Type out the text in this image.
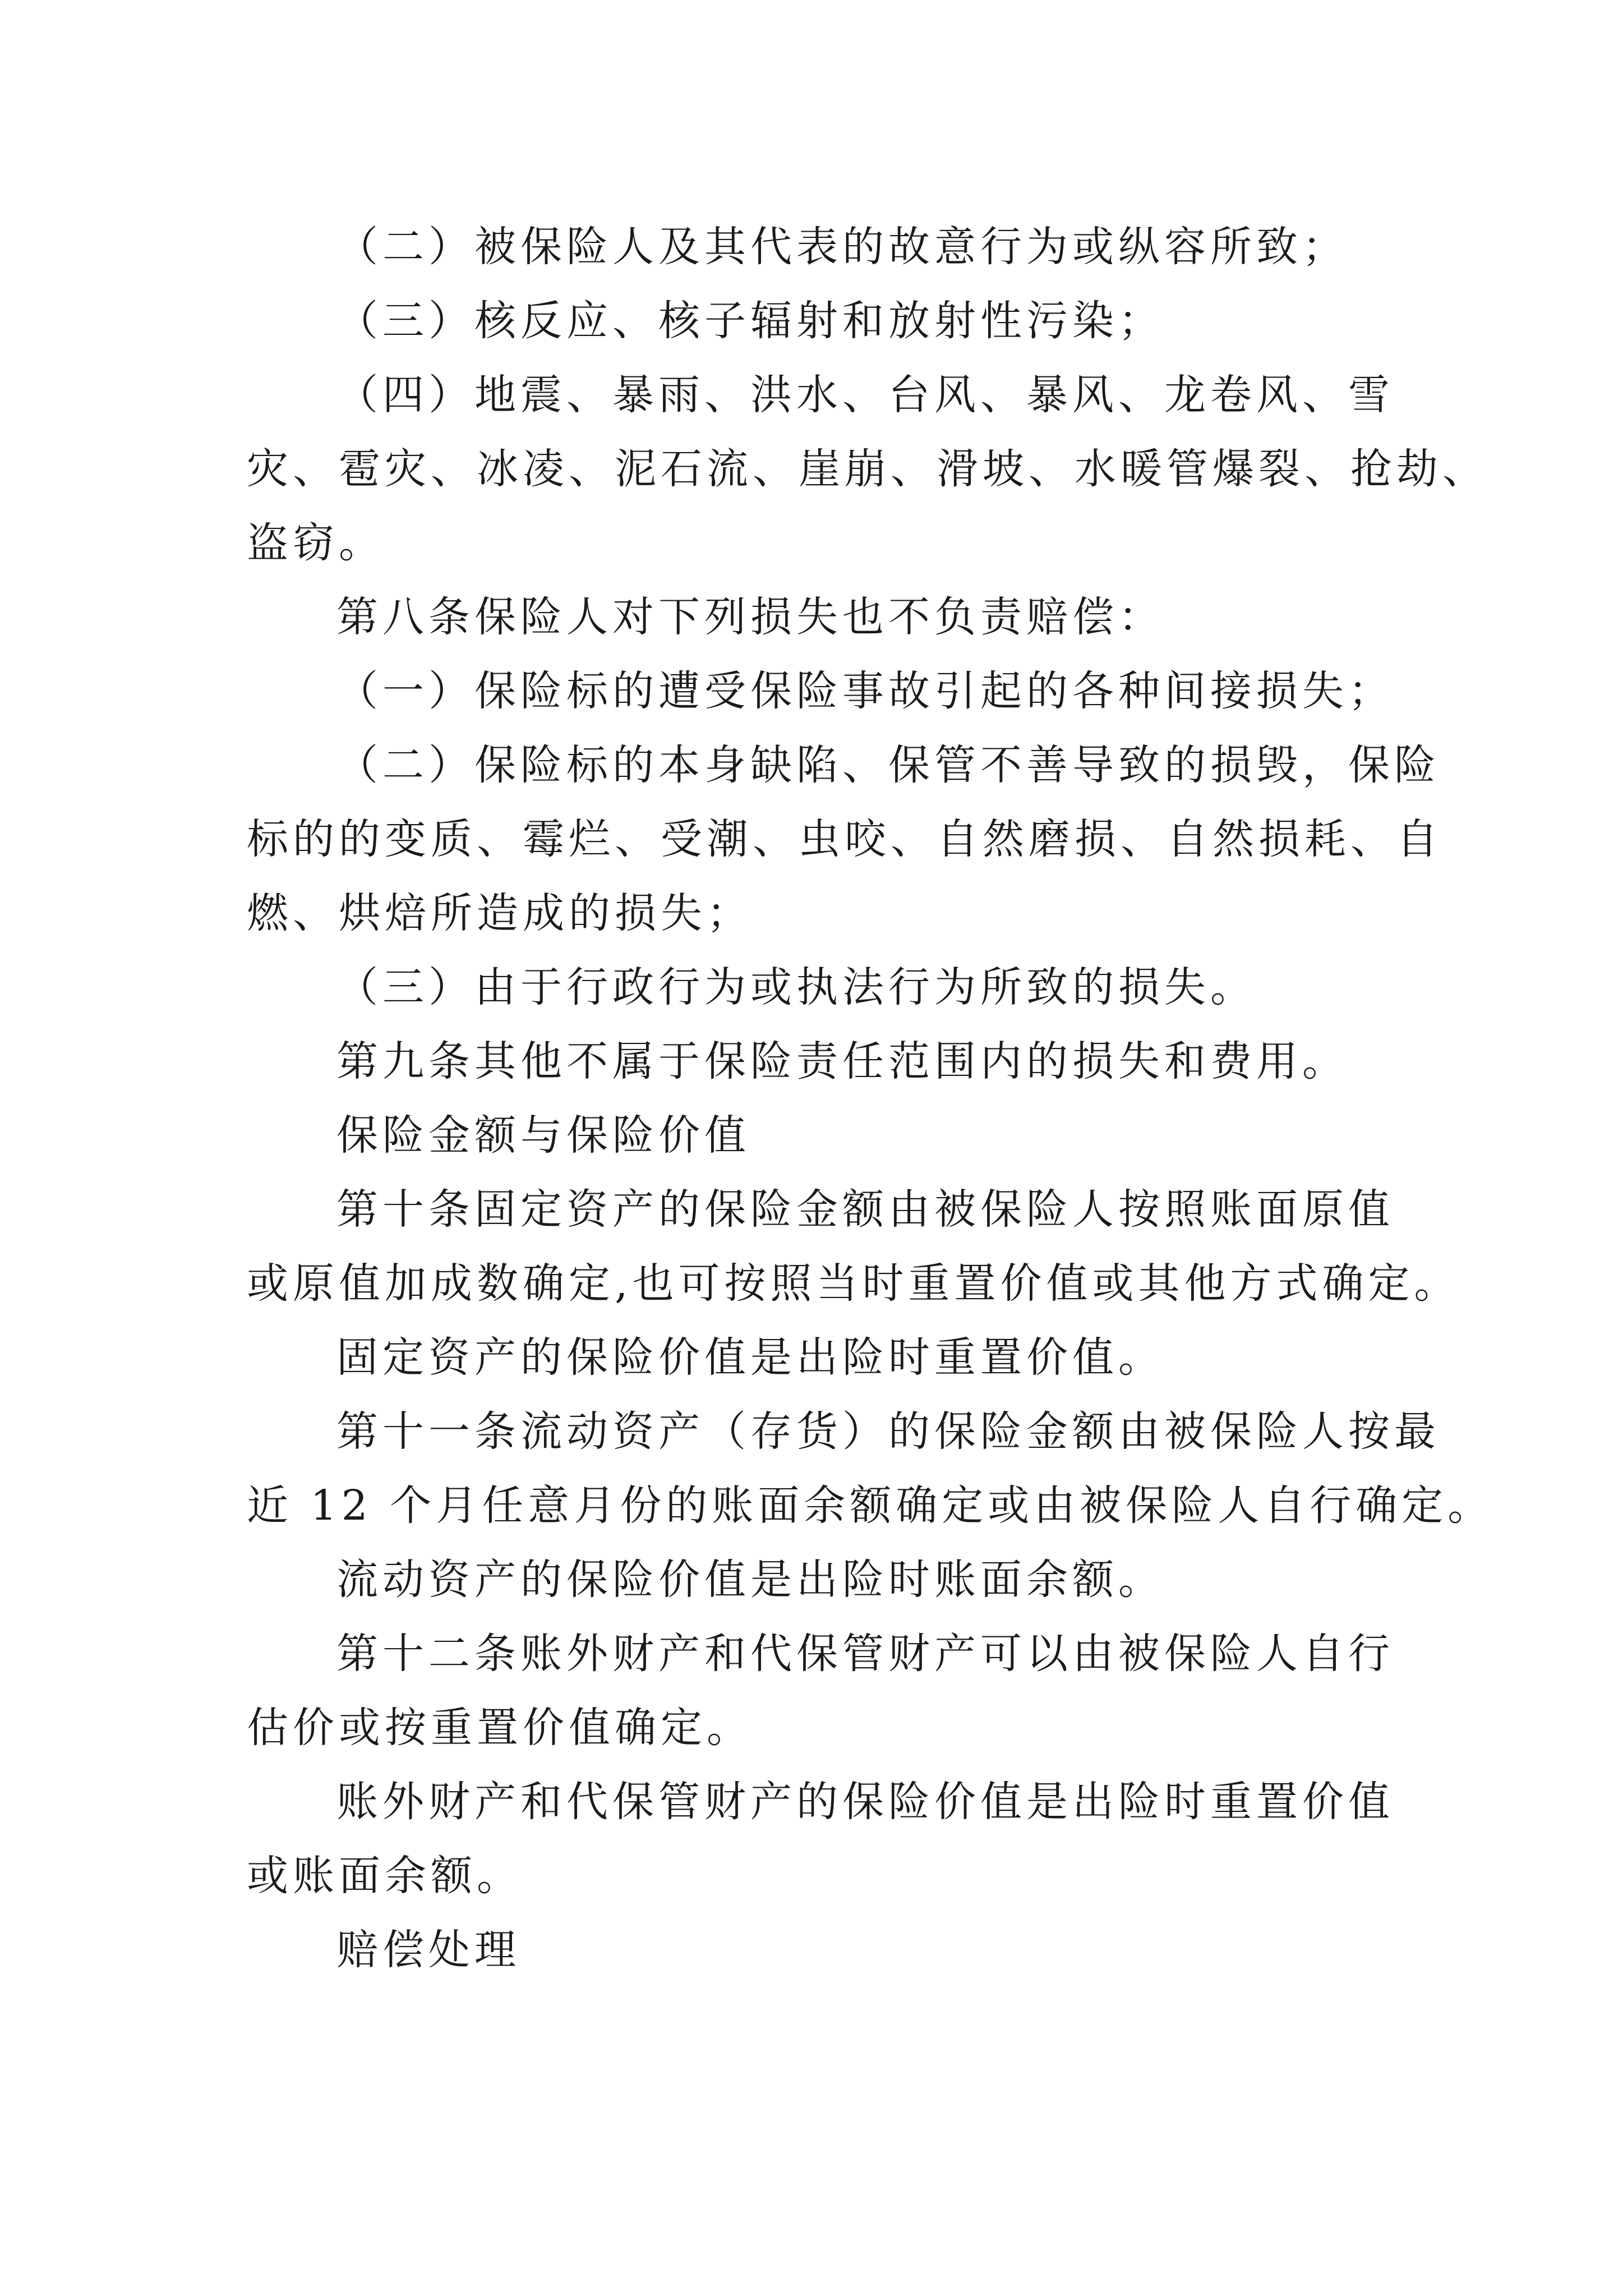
（二）被保险人及其代表的故意行为或纵容所致；
（三）核反应、核子辐射和放射性污染；
（四）地震、暴雨、洪水、台风、暴风、龙卷风、雪
灾、雹灾、冰凌、泥石流、崖崩、滑坡、水暖管爆裂、抢劫、
盗窃。
第八条保险人对下列损失也不负责赔偿：
（一）保险标的遭受保险事故引起的各种间接损失；
（二）保险标的本身缺陷、保管不善导致的损毁，保险
标的的变质、霉烂、受潮、虫咬、自然磨损、自然损耗、自
燃、烘焙所造成的损失；
（三）由于行政行为或执法行为所致的损失。
第九条其他不属于保险责任范围内的损失和费用。
保险金额与保险价值
第十条固定资产的保险金额由被保险人按照账面原值
或原值加成数确定,也可按照当时重置价值或其他方式确定。
固定资产的保险价值是出险时重置价值。
第十一条流动资产（存货）的保险金额由被保险人按最
近 12 个月任意月份的账面余额确定或由被保险人自行确定。
流动资产的保险价值是出险时账面余额。
第十二条账外财产和代保管财产可以由被保险人自行
估价或按重置价值确定。
账外财产和代保管财产的保险价值是出险时重置价值
或账面余额。
赔偿处理
